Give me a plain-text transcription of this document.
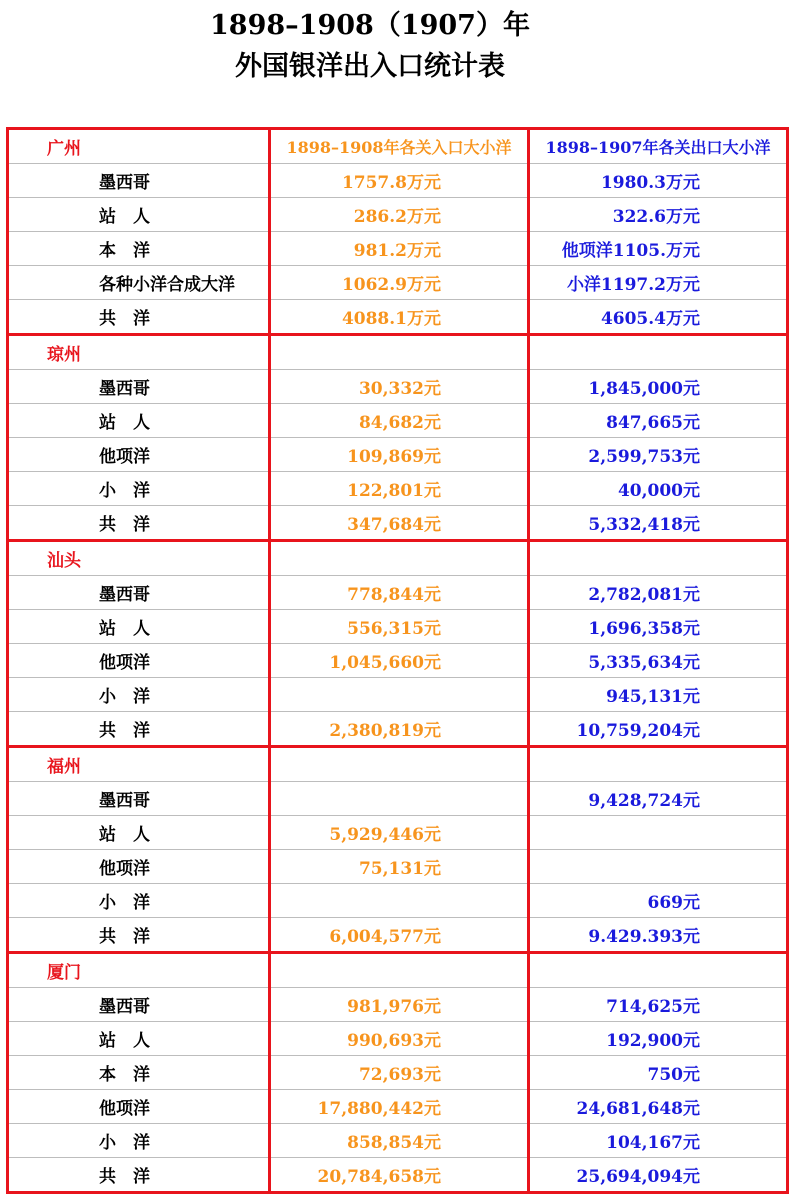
1898–1908（1907）年
外国银洋出入口统计表
广州	1898–1908年各关入口大小洋	1898–1907年各关出口大小洋
墨西哥	1757.8万元	1980.3万元
站　人	286.2万元	322.6万元
本　洋	981.2万元	他项洋1105.万元
各种小洋合成大洋	1062.9万元	小洋1197.2万元
共　洋	4088.1万元	4605.4万元
琼州		
墨西哥	30,332元	1,845,000元
站　人	84,682元	847,665元
他项洋	109,869元	2,599,753元
小　洋	122,801元	40,000元
共　洋	347,684元	5,332,418元
汕头		
墨西哥	778,844元	2,782,081元
站　人	556,315元	1,696,358元
他项洋	1,045,660元	5,335,634元
小　洋		945,131元
共　洋	2,380,819元	10,759,204元
福州		
墨西哥		9,428,724元
站　人	5,929,446元	
他项洋	75,131元	
小　洋		669元
共　洋	6,004,577元	9.429.393元
厦门		
墨西哥	981,976元	714,625元
站　人	990,693元	192,900元
本　洋	72,693元	750元
他项洋	17,880,442元	24,681,648元
小　洋	858,854元	104,167元
共　洋	20,784,658元	25,694,094元
